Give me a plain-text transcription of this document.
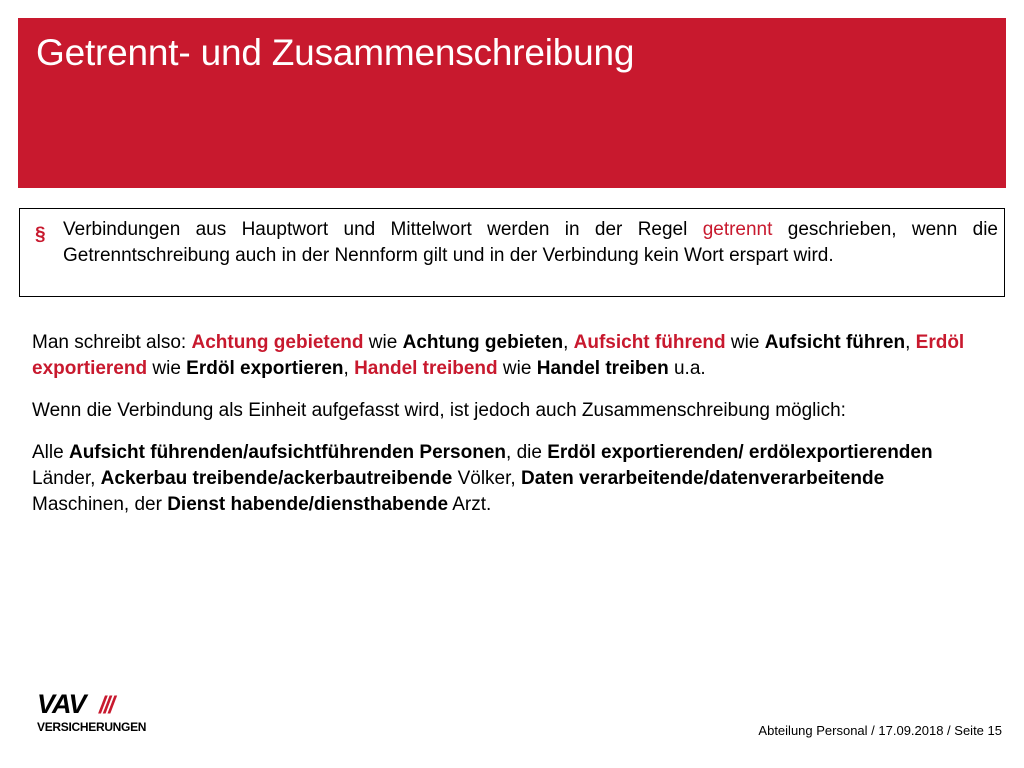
Getrennt- und Zusammenschreibung
§ Verbindungen aus Hauptwort und Mittelwort werden in der Regel getrennt geschrieben, wenn die Getrenntschreibung auch in der Nennform gilt und in der Verbindung kein Wort erspart wird.

Man schreibt also: Achtung gebietend wie Achtung gebieten, Aufsicht führend wie Aufsicht führen, Erdöl exportierend wie Erdöl exportieren, Handel treibend wie Handel treiben u.a.

Wenn die Verbindung als Einheit aufgefasst wird, ist jedoch auch Zusammenschreibung möglich:

Alle Aufsicht führenden/aufsichtführenden Personen, die Erdöl exportierenden/ erdölexportierenden Länder, Ackerbau treibende/ackerbautreibende Völker, Daten verarbeitende/datenverarbeitende Maschinen, der Dienst habende/diensthabende Arzt.

VAV ///
VERSICHERUNGEN	Abteilung Personal / 17.09.2018 / Seite 15
